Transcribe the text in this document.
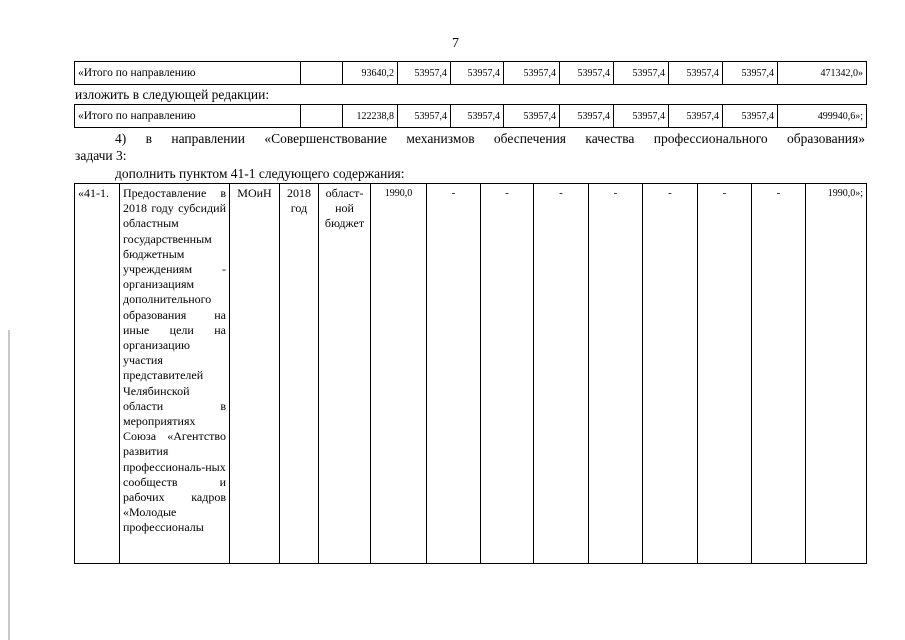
7
«Итого по направлению		93640,2	53957,4	53957,4	53957,4	53957,4	53957,4	53957,4	53957,4	471342,0»
изложить в следующей редакции:
«Итого по направлению		122238,8	53957,4	53957,4	53957,4	53957,4	53957,4	53957,4	53957,4	499940,6»;
4) в направлении «Совершенствование механизмов обеспечения качества профессионального образования»
задачи 3:
дополнить пунктом 41-1 следующего содержания:
«41-1.	Предоставление в 2018 году субсидий областным государственным бюджетным учреждениям - организациям дополнительного образования на иные цели на организацию участия представителей Челябинской области в мероприятиях Союза «Агентство развития профессиональ-ных сообществ и рабочих кадров «Молодые профессионалы	МОиН	2018 год	област-ной бюджет	1990,0	-	-	-	-	-	-	-	1990,0»;
